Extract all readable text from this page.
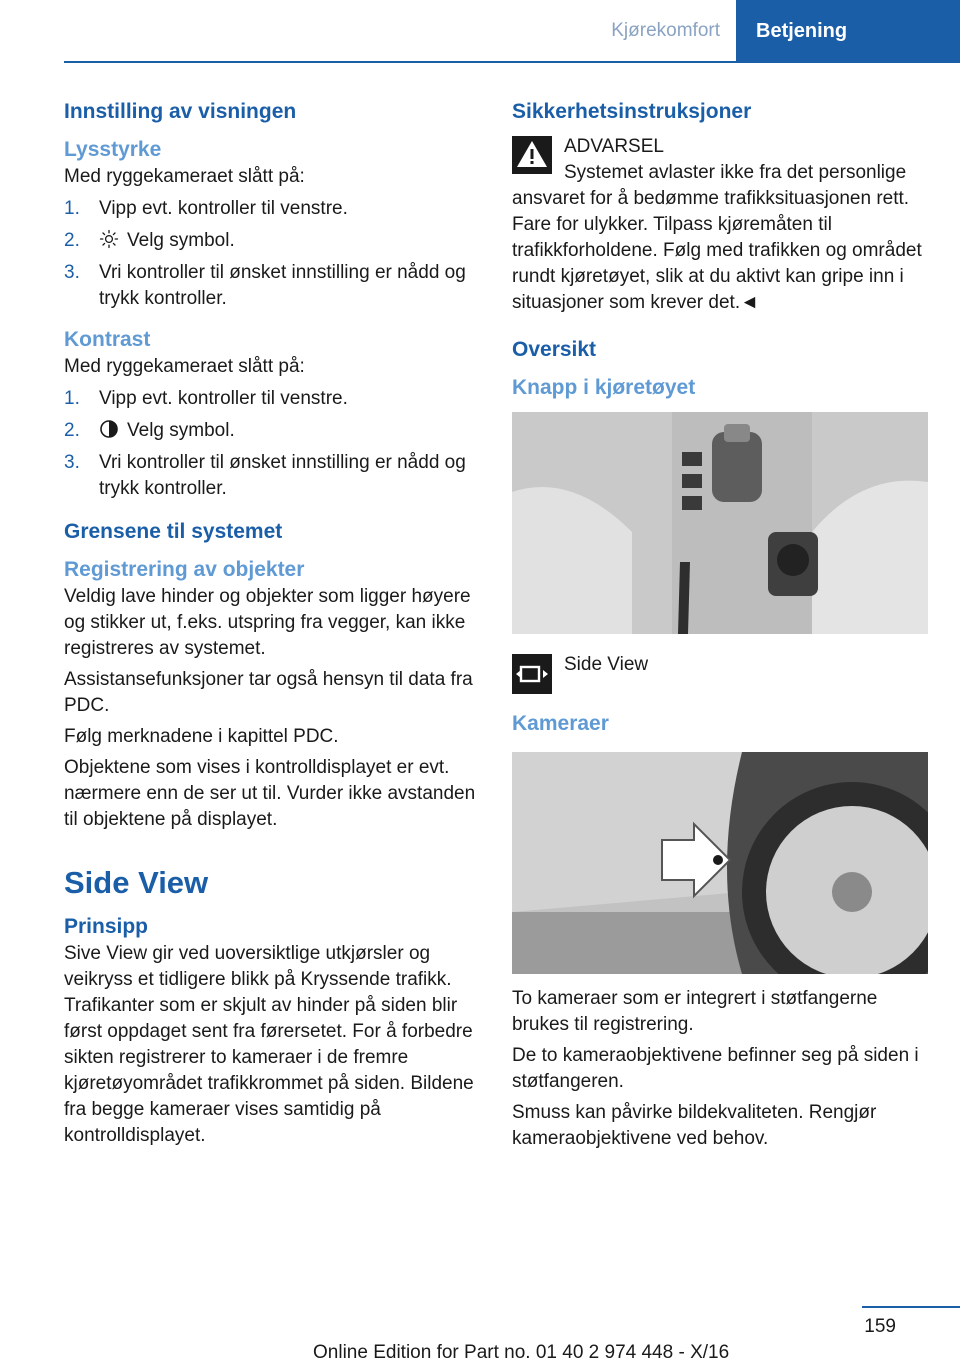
Kjørekomfort	Betjening
Innstilling av visningen
Lysstyrke

Med ryggekameraet slått på:

1. Vipp evt. kontroller til venstre.
2. Velg symbol.
3. Vri kontroller til ønsket innstilling er nådd og trykk kontroller.
Kontrast

Med ryggekameraet slått på:

1. Vipp evt. kontroller til venstre.
2. Velg symbol.
3. Vri kontroller til ønsket innstilling er nådd og trykk kontroller.
Grensene til systemet
Registrering av objekter

Veldig lave hinder og objekter som ligger høyere og stikker ut, f.eks. utspring fra vegger, kan ikke registreres av systemet.

Assistansefunksjoner tar også hensyn til data fra PDC.

Følg merknadene i kapittel PDC.

Objektene som vises i kontrolldisplayet er evt. nærmere enn de ser ut til. Vurder ikke avstanden til objektene på displayet.

Side View
Prinsipp

Sive View gir ved uoversiktlige utkjørsler og veikryss et tidligere blikk på Kryssende trafikk. Trafikanter som er skjult av hinder på siden blir først oppdaget sent fra førersetet. For å forbedre sikten registrerer to kameraer i de fremre kjøretøyområdet trafikkrommet på siden. Bildene fra begge kameraer vises samtidig på kontrolldisplayet.

Sikkerhetsinstruksjoner
ADVARSEL

Systemet avlaster ikke fra det personlige ansvaret for å bedømme trafikksituasjonen rett. Fare for ulykker. Tilpass kjøremåten til trafikkforholdene. Følg med trafikken og området rundt kjøretøyet, slik at du aktivt kan gripe inn i situasjoner som krever det.◄

Oversikt
Knapp i kjøretøyet
Side View
Kameraer

To kameraer som er integrert i støtfangerne brukes til registrering.

De to kameraobjektivene befinner seg på siden i støtfangeren.

Smuss kan påvirke bildekvaliteten. Rengjør kameraobjektivene ved behov.

159
Online Edition for Part no. 01 40 2 974 448 - X/16
